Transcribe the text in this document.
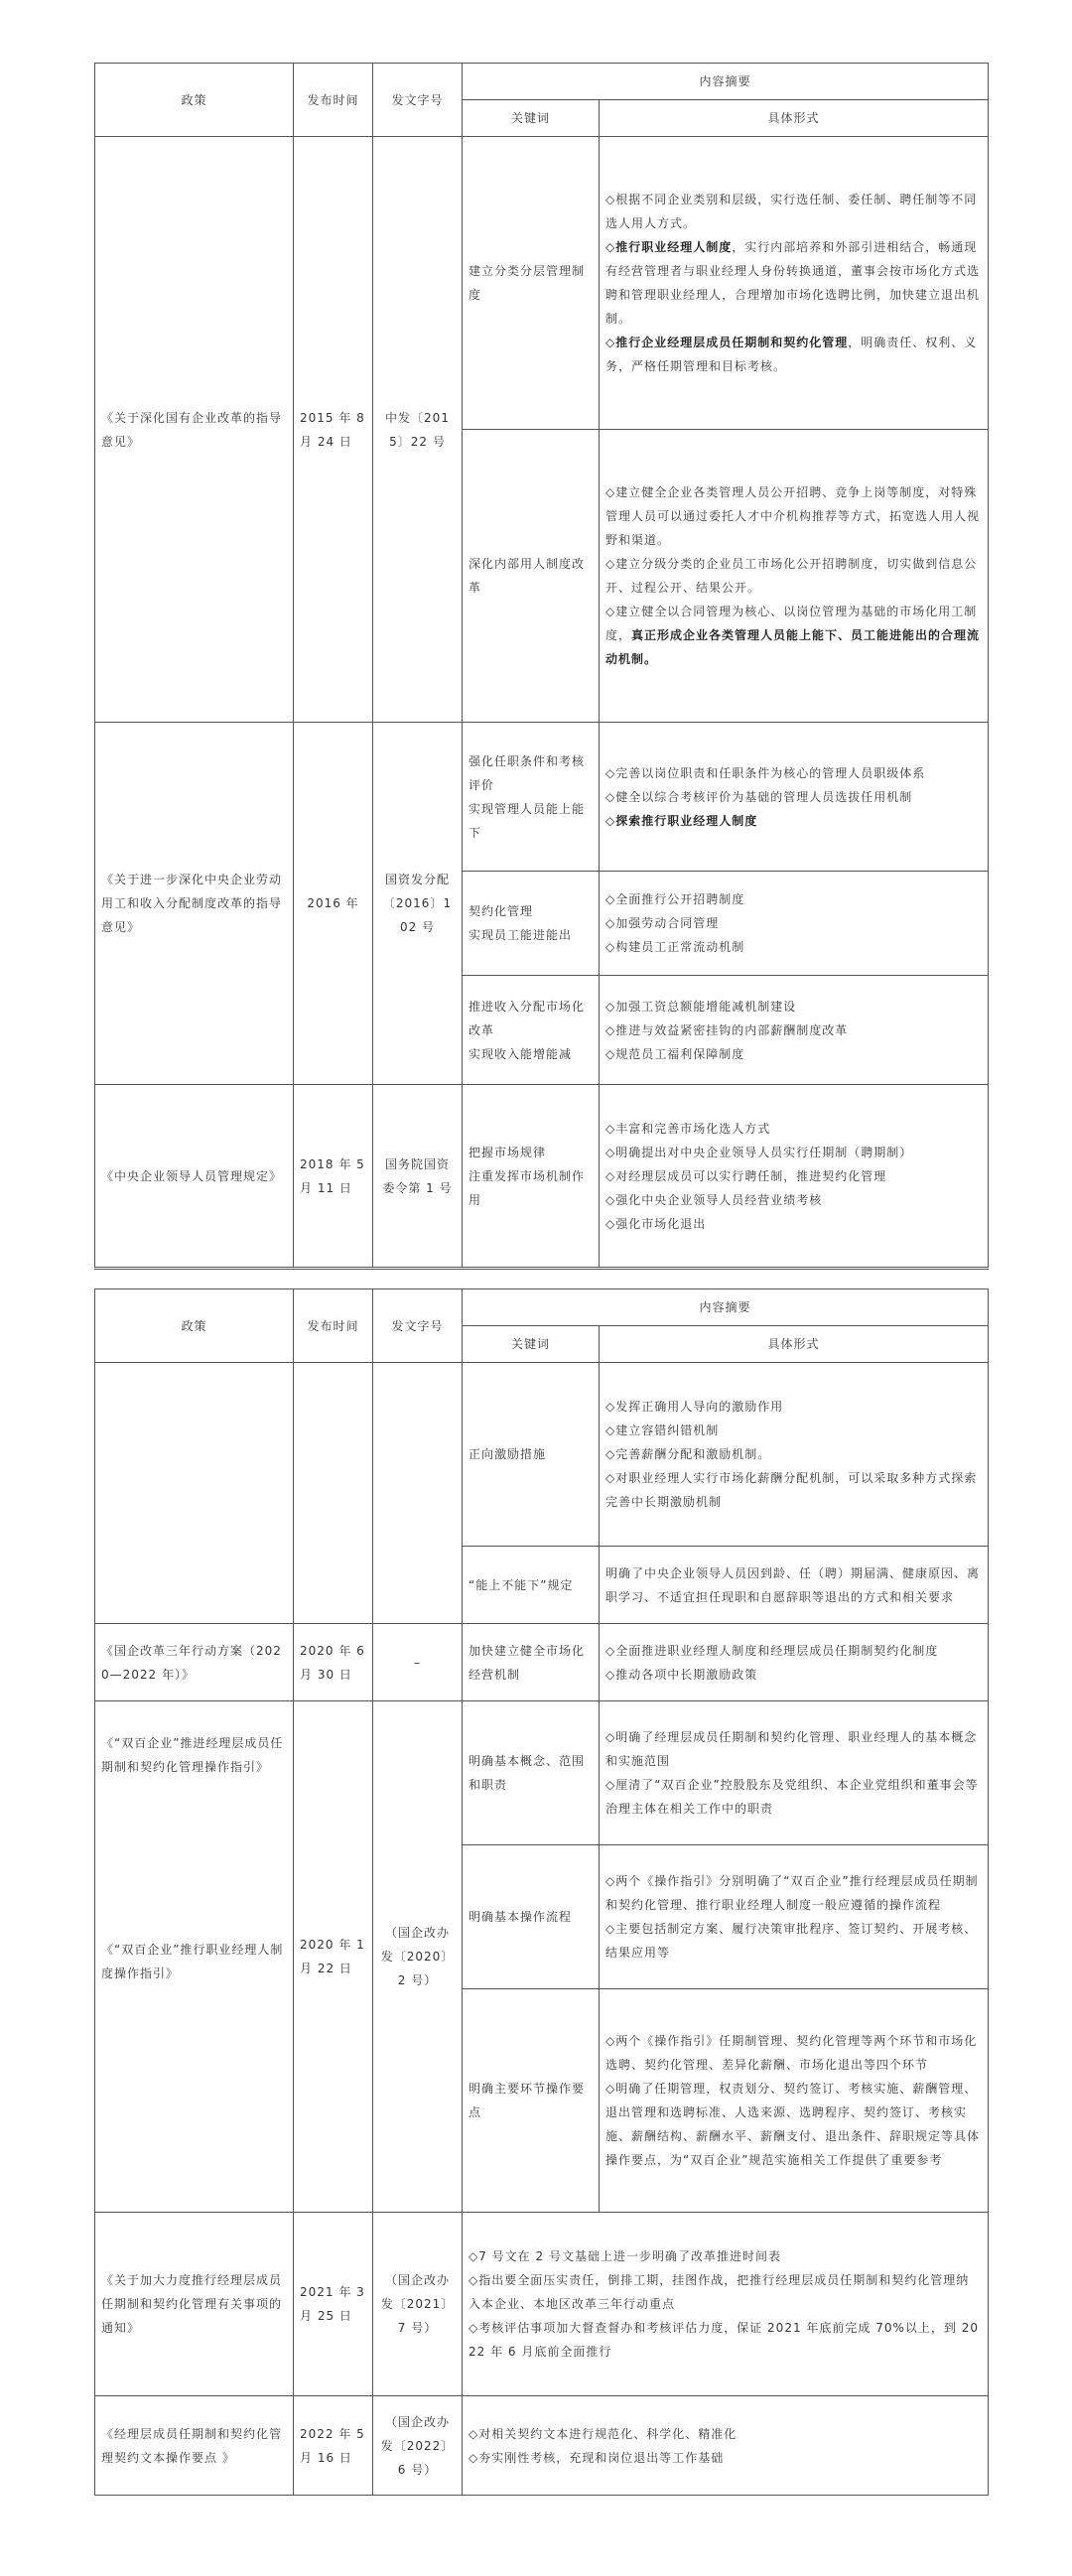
政策	发布时间	发文字号	内容摘要	
			关键词	具体形式
《关于深化国有企业改革的指导意见》	2015 年 8 月 24 日	中发〔2015〕22 号	建立分类分层管理制度	◇根据不同企业类别和层级，实行选任制、委任制、聘任制等不同选人用人方式。
◇推行职业经理人制度，实行内部培养和外部引进相结合，畅通现有经营管理者与职业经理人身份转换通道，董事会按市场化方式选聘和管理职业经理人，合理增加市场化选聘比例，加快建立退出机制。
◇推行企业经理层成员任期制和契约化管理，明确责任、权利、义务，严格任期管理和目标考核。

			深化内部用人制度改革	◇建立健全企业各类管理人员公开招聘、竞争上岗等制度，对特殊管理人员可以通过委托人才中介机构推荐等方式，拓宽选人用人视野和渠道。
◇建立分级分类的企业员工市场化公开招聘制度，切实做到信息公开、过程公开、结果公开。
◇建立健全以合同管理为核心、以岗位管理为基础的市场化用工制度，真正形成企业各类管理人员能上能下、员工能进能出的合理流动机制。

《关于进一步深化中央企业劳动用工和收入分配制度改革的指导意见》	2016 年	国资发分配〔2016〕102 号	强化任职条件和考核评价
实现管理人员能上能下	◇完善以岗位职责和任职条件为核心的管理人员职级体系
◇健全以综合考核评价为基础的管理人员选拔任用机制
◇探索推行职业经理人制度

			契约化管理
实现员工能进能出	◇全面推行公开招聘制度
◇加强劳动合同管理
◇构建员工正常流动机制

			推进收入分配市场化改革
实现收入能增能减	◇加强工资总额能增能减机制建设
◇推进与效益紧密挂钩的内部薪酬制度改革
◇规范员工福利保障制度

《中央企业领导人员管理规定》	2018 年 5 月 11 日	国务院国资委令第 1 号	把握市场规律
注重发挥市场机制作用	◇丰富和完善市场化选人方式
◇明确提出对中央企业领导人员实行任期制（聘期制）
◇对经理层成员可以实行聘任制，推进契约化管理
◇强化中央企业领导人员经营业绩考核
◇强化市场化退出
政策	发布时间	发文字号	内容摘要	
			关键词	具体形式
			正向激励措施	◇发挥正确用人导向的激励作用
◇建立容错纠错机制
◇完善薪酬分配和激励机制。
◇对职业经理人实行市场化薪酬分配机制，可以采取多种方式探索完善中长期激励机制

			“能上不能下”规定	明确了中央企业领导人员因到龄、任（聘）期届满、健康原因、离职学习、不适宜担任现职和自愿辞职等退出的方式和相关要求
《国企改革三年行动方案（2020—2022 年）》	2020 年 6 月 30 日	–	加快建立健全市场化经营机制	◇全面推进职业经理人制度和经理层成员任期制契约化制度
◇推动各项中长期激励政策

《“双百企业”推进经理层成员任期制和契约化管理操作指引》
《“双百企业”推行职业经理人制度操作指引》	2020 年 1 月 22 日	（国企改办发〔2020〕2 号）	明确基本概念、范围和职责	◇明确了经理层成员任期制和契约化管理、职业经理人的基本概念和实施范围
◇厘清了“双百企业”控股股东及党组织、本企业党组织和董事会等治理主体在相关工作中的职责

			明确基本操作流程	◇两个《操作指引》分别明确了“双百企业”推行经理层成员任期制和契约化管理、推行职业经理人制度一般应遵循的操作流程
◇主要包括制定方案、履行决策审批程序、签订契约、开展考核、结果应用等

			明确主要环节操作要点	◇两个《操作指引》任期制管理、契约化管理等两个环节和市场化选聘、契约化管理、差异化薪酬、市场化退出等四个环节
◇明确了任期管理，权责划分、契约签订、考核实施、薪酬管理、退出管理和选聘标准、人选来源、选聘程序、契约签订、考核实施、薪酬结构、薪酬水平、薪酬支付、退出条件、辞职规定等具体操作要点，为“双百企业”规范实施相关工作提供了重要参考

《关于加大力度推行经理层成员任期制和契约化管理有关事项的通知》	2021 年 3 月 25 日	（国企改办发〔2021〕7 号）	◇7 号文在 2 号文基础上进一步明确了改革推进时间表
◇指出要全面压实责任，倒排工期，挂图作战，把推行经理层成员任期制和契约化管理纳入本企业、本地区改革三年行动重点
◇考核评估事项加大督查督办和考核评估力度，保证 2021 年底前完成 70%以上，到 2022 年 6 月底前全面推行	

《经理层成员任期制和契约化管理契约文本操作要点 》	2022 年 5 月 16 日	（国企改办发〔2022〕6 号）	◇对相关契约文本进行规范化、科学化、精准化
◇夯实刚性考核，充现和岗位退出等工作基础	
